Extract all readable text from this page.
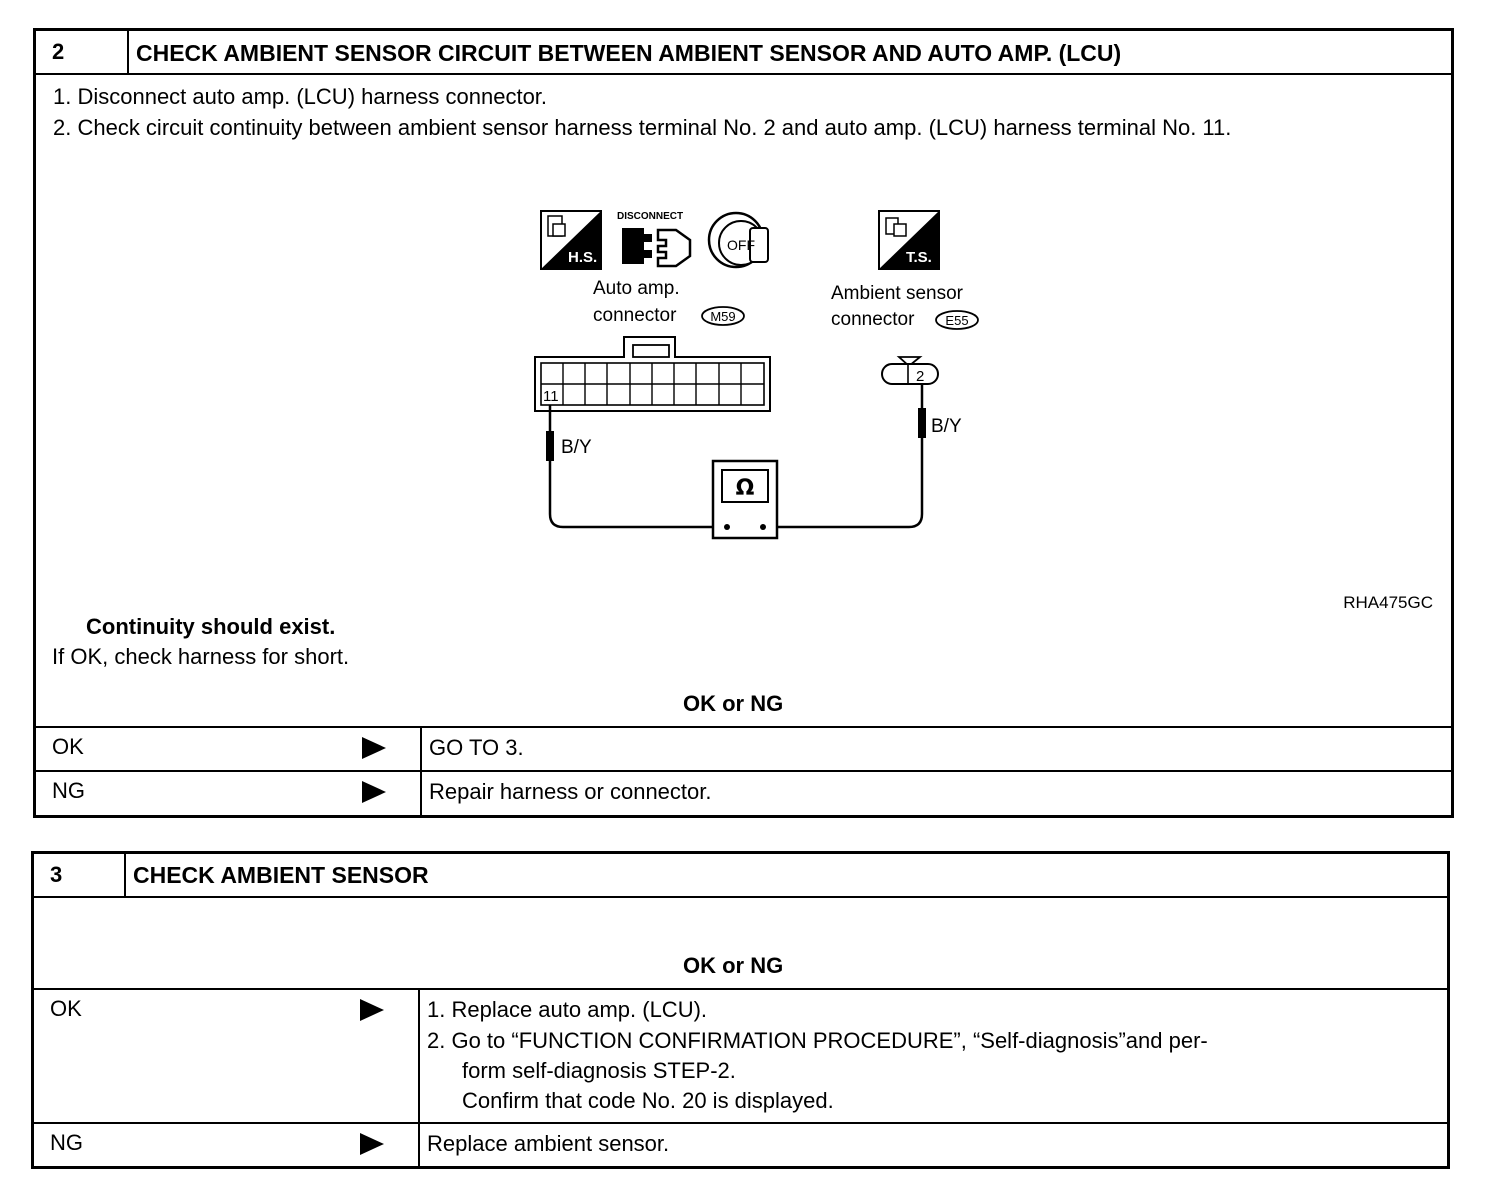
2	CHECK AMBIENT SENSOR CIRCUIT BETWEEN AMBIENT SENSOR AND AUTO AMP. (LCU)
1. Disconnect auto amp. (LCU) harness connector.
2. Check circuit continuity between ambient sensor harness terminal No. 2 and auto amp. (LCU) harness terminal No. 11.
H.S.
DISCONNECT
OFF
T.S.
Auto amp.
connector	M59
Ambient sensor
connector E55
11
2
B/Y
B/Y
Ω
RHA475GC
Continuity should exist.
If OK, check harness for short.
OK or NG
OK	GO TO 3.
NG	Repair harness or connector.
3	CHECK AMBIENT SENSOR
OK or NG
OK	1. Replace auto amp. (LCU).
2. Go to “FUNCTION CONFIRMATION PROCEDURE”, “Self-diagnosis”and per-
form self-diagnosis STEP-2.
Confirm that code No. 20 is displayed.
NG	Replace ambient sensor.
